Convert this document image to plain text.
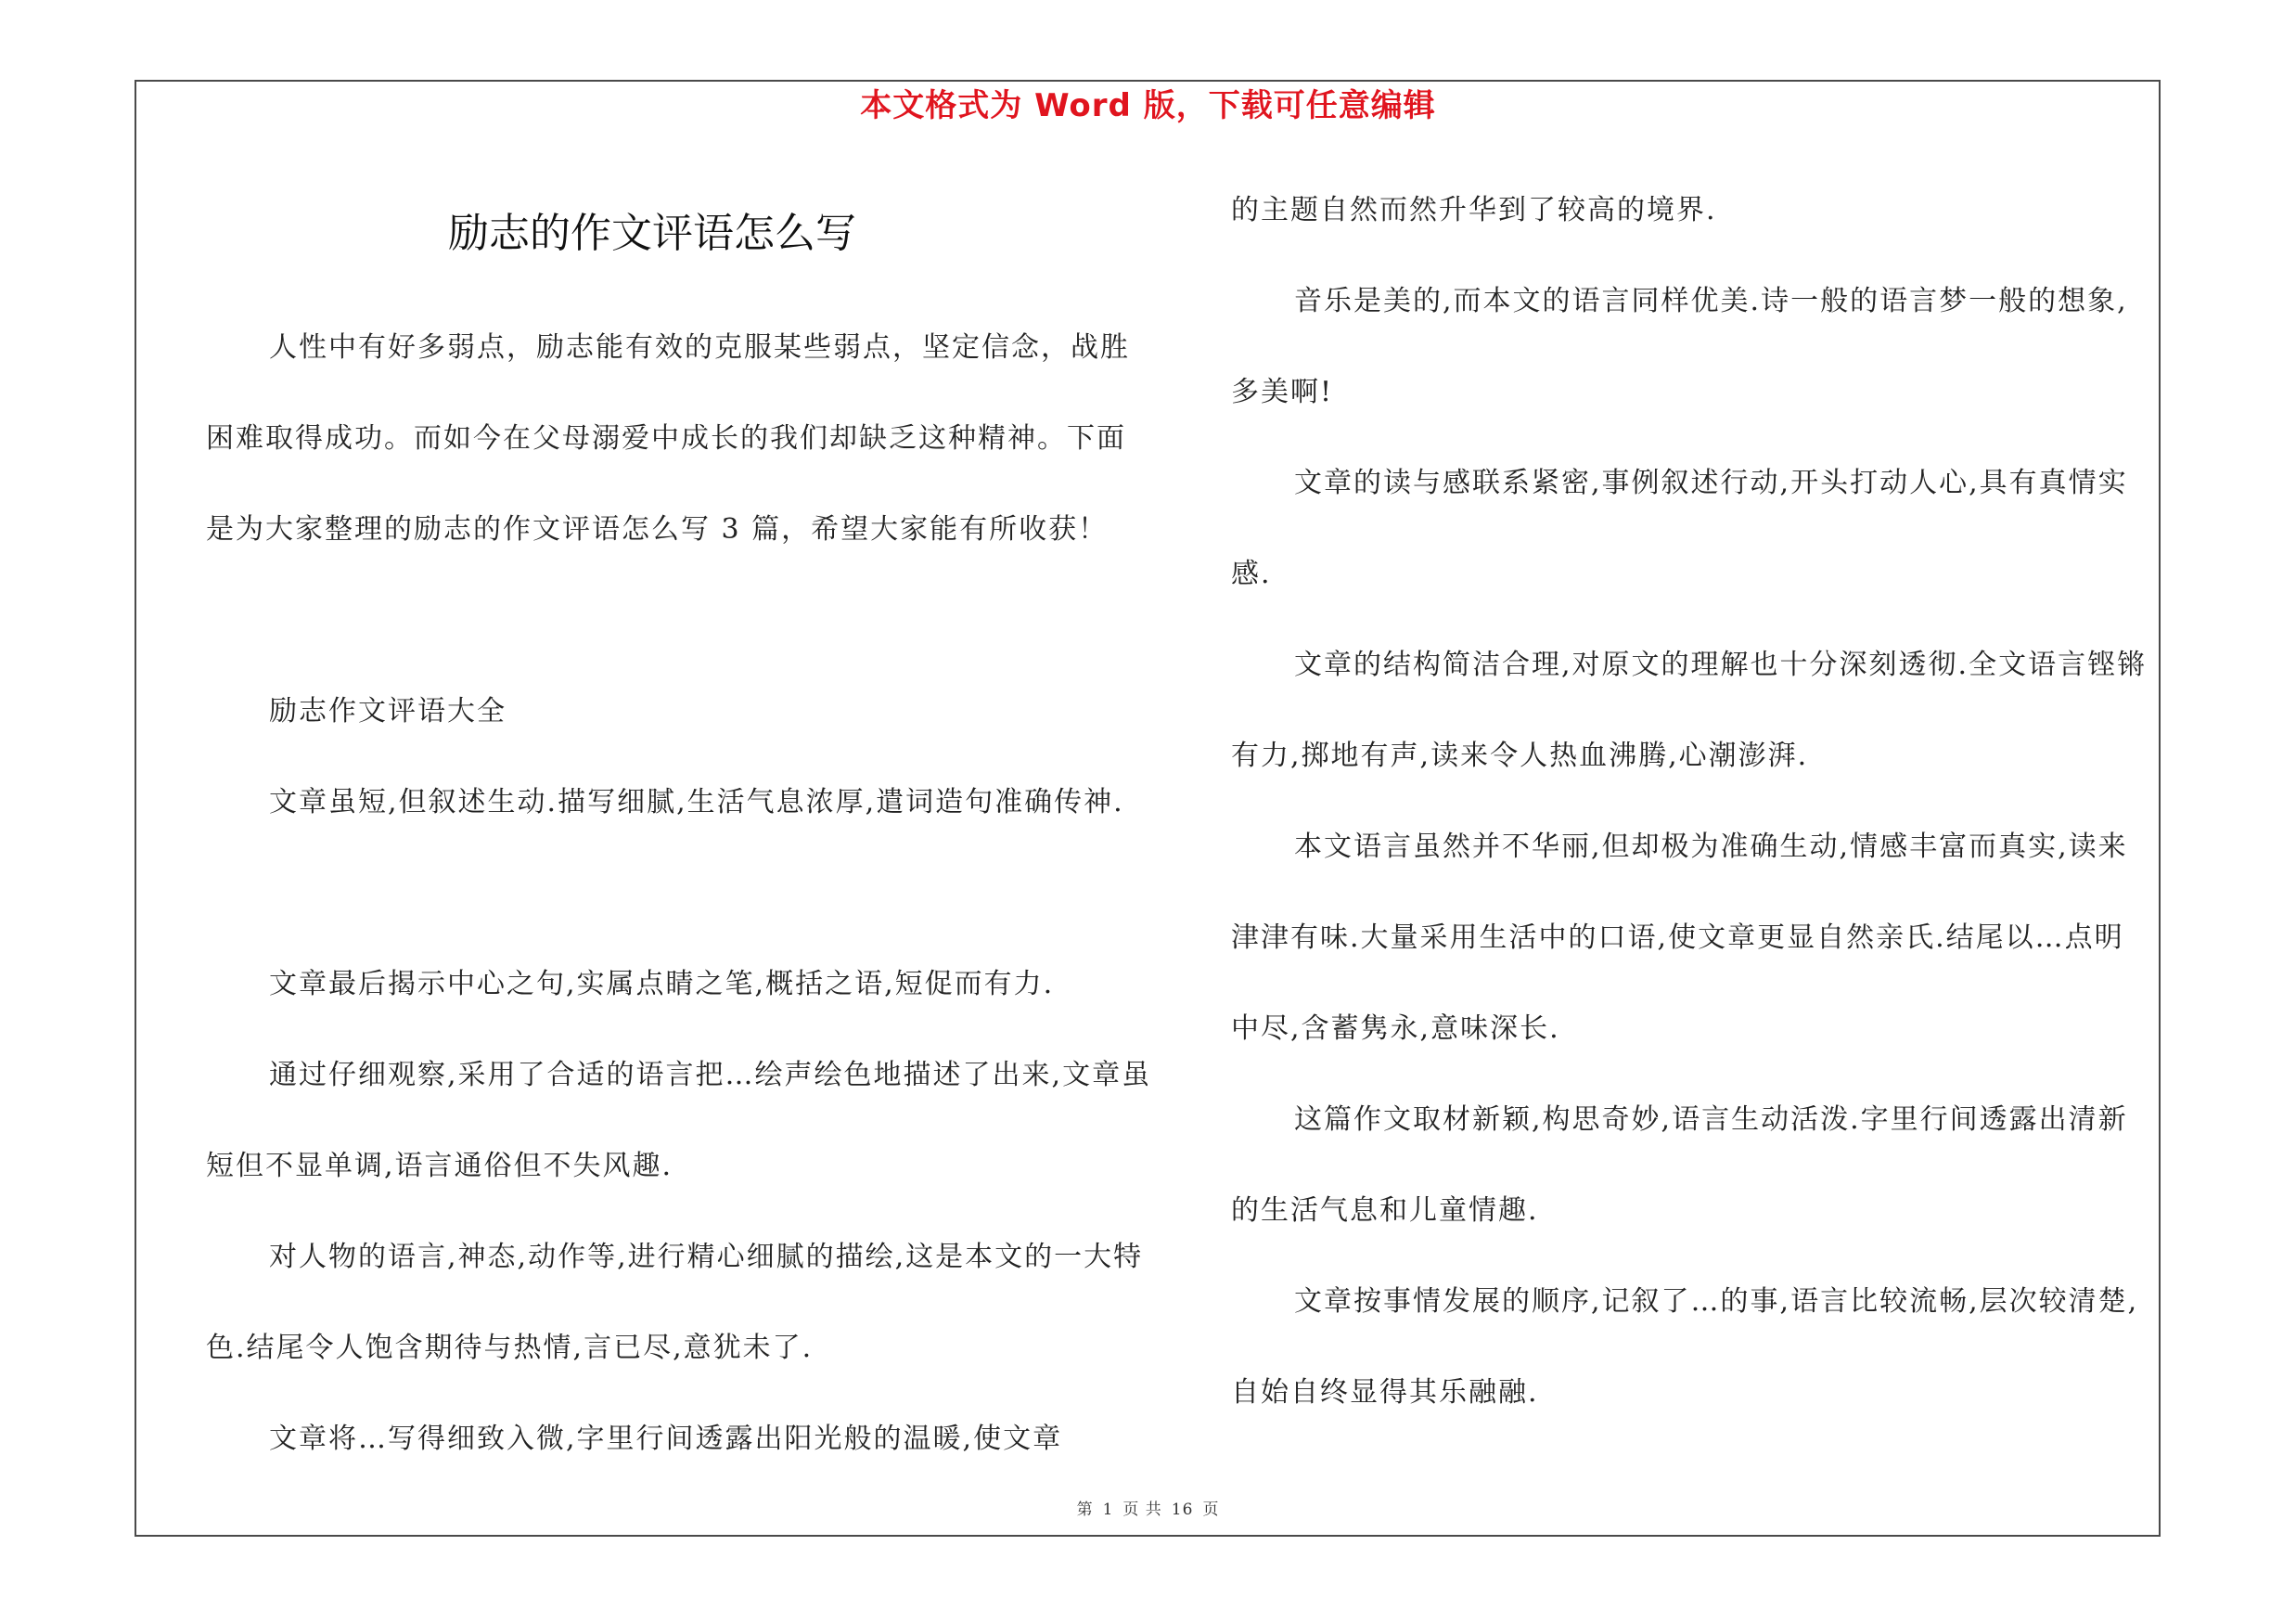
本文格式为 Word 版，下载可任意编辑
励志的作文评语怎么写

人性中有好多弱点，励志能有效的克服某些弱点，坚定信念，战胜困难取得成功。而如今在父母溺爱中成长的我们却缺乏这种精神。下面是为大家整理的励志的作文评语怎么写 3 篇，希望大家能有所收获！

励志作文评语大全

文章虽短,但叙述生动.描写细腻,生活气息浓厚,遣词造句准确传神.

文章最后揭示中心之句,实属点睛之笔,概括之语,短促而有力.

通过仔细观察,采用了合适的语言把…绘声绘色地描述了出来,文章虽短但不显单调,语言通俗但不失风趣.

对人物的语言,神态,动作等,进行精心细腻的描绘,这是本文的一大特色.结尾令人饱含期待与热情,言已尽,意犹未了.

文章将…写得细致入微,字里行间透露出阳光般的温暖,使文章

的主题自然而然升华到了较高的境界.

音乐是美的,而本文的语言同样优美.诗一般的语言梦一般的想象,多美啊!

文章的读与感联系紧密,事例叙述行动,开头打动人心,具有真情实感.

文章的结构简洁合理,对原文的理解也十分深刻透彻.全文语言铿锵有力,掷地有声,读来令人热血沸腾,心潮澎湃.

本文语言虽然并不华丽,但却极为准确生动,情感丰富而真实,读来津津有味.大量采用生活中的口语,使文章更显自然亲氏.结尾以…点明中尽,含蓄隽永,意味深长.

这篇作文取材新颖,构思奇妙,语言生动活泼.字里行间透露出清新的生活气息和儿童情趣.

文章按事情发展的顺序,记叙了…的事,语言比较流畅,层次较清楚,自始自终显得其乐融融.

第 1 页 共 16 页
